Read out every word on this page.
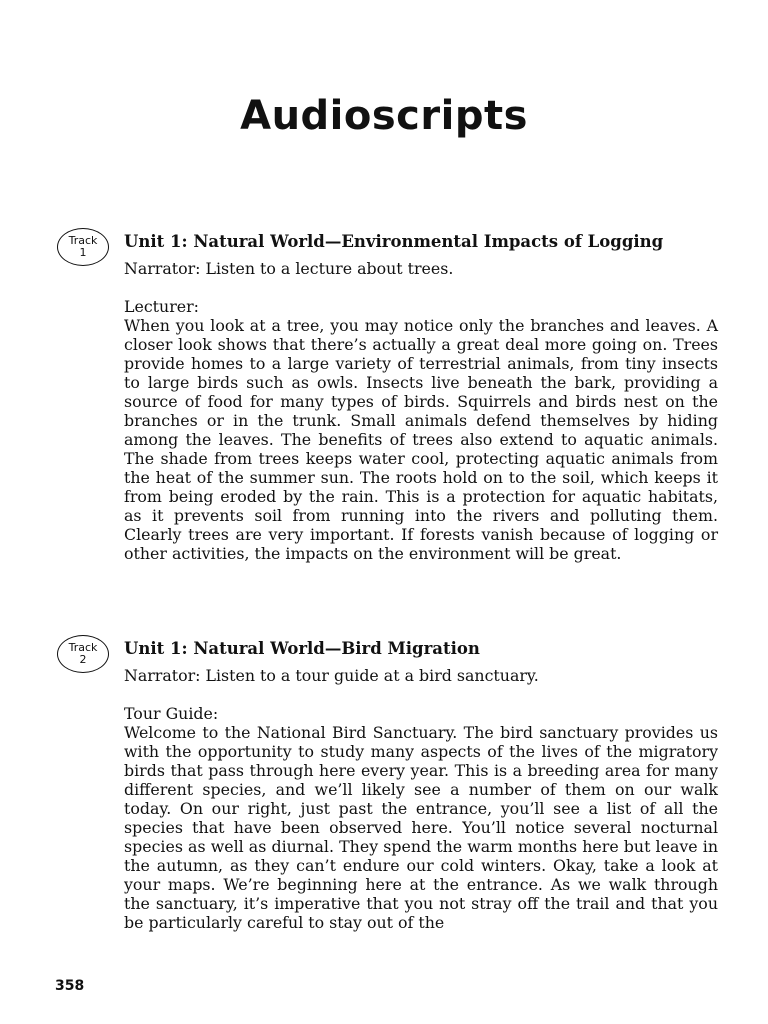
Audioscripts
Track
1
Unit 1: Natural World—Environmental Impacts of Logging

Narrator: Listen to a lecture about trees.

Lecturer:

When you look at a tree, you may notice only the branches and leaves. A closer look shows that there’s actually a great deal more going on. Trees provide homes to a large variety of terrestrial animals, from tiny insects to large birds such as owls. Insects live beneath the bark, providing a source of food for many types of birds. Squirrels and birds nest on the branches or in the trunk. Small animals defend themselves by hiding among the leaves. The benefits of trees also extend to aquatic animals. The shade from trees keeps water cool, protecting aquatic animals from the heat of the summer sun. The roots hold on to the soil, which keeps it from being eroded by the rain. This is a protection for aquatic habitats, as it prevents soil from running into the rivers and polluting them. Clearly trees are very important. If forests vanish because of logging or other activities, the impacts on the environment will be great.

Track
2
Unit 1: Natural World—Bird Migration

Narrator: Listen to a tour guide at a bird sanctuary.

Tour Guide:

Welcome to the National Bird Sanctuary. The bird sanctuary provides us with the opportunity to study many aspects of the lives of the migratory birds that pass through here every year. This is a breeding area for many different species, and we’ll likely see a number of them on our walk today. On our right, just past the entrance, you’ll see a list of all the species that have been observed here. You’ll notice several nocturnal species as well as diurnal. They spend the warm months here but leave in the autumn, as they can’t endure our cold winters. Okay, take a look at your maps. We’re beginning here at the entrance. As we walk through the sanctuary, it’s imperative that you not stray off the trail and that you be particularly careful to stay out of the

358
